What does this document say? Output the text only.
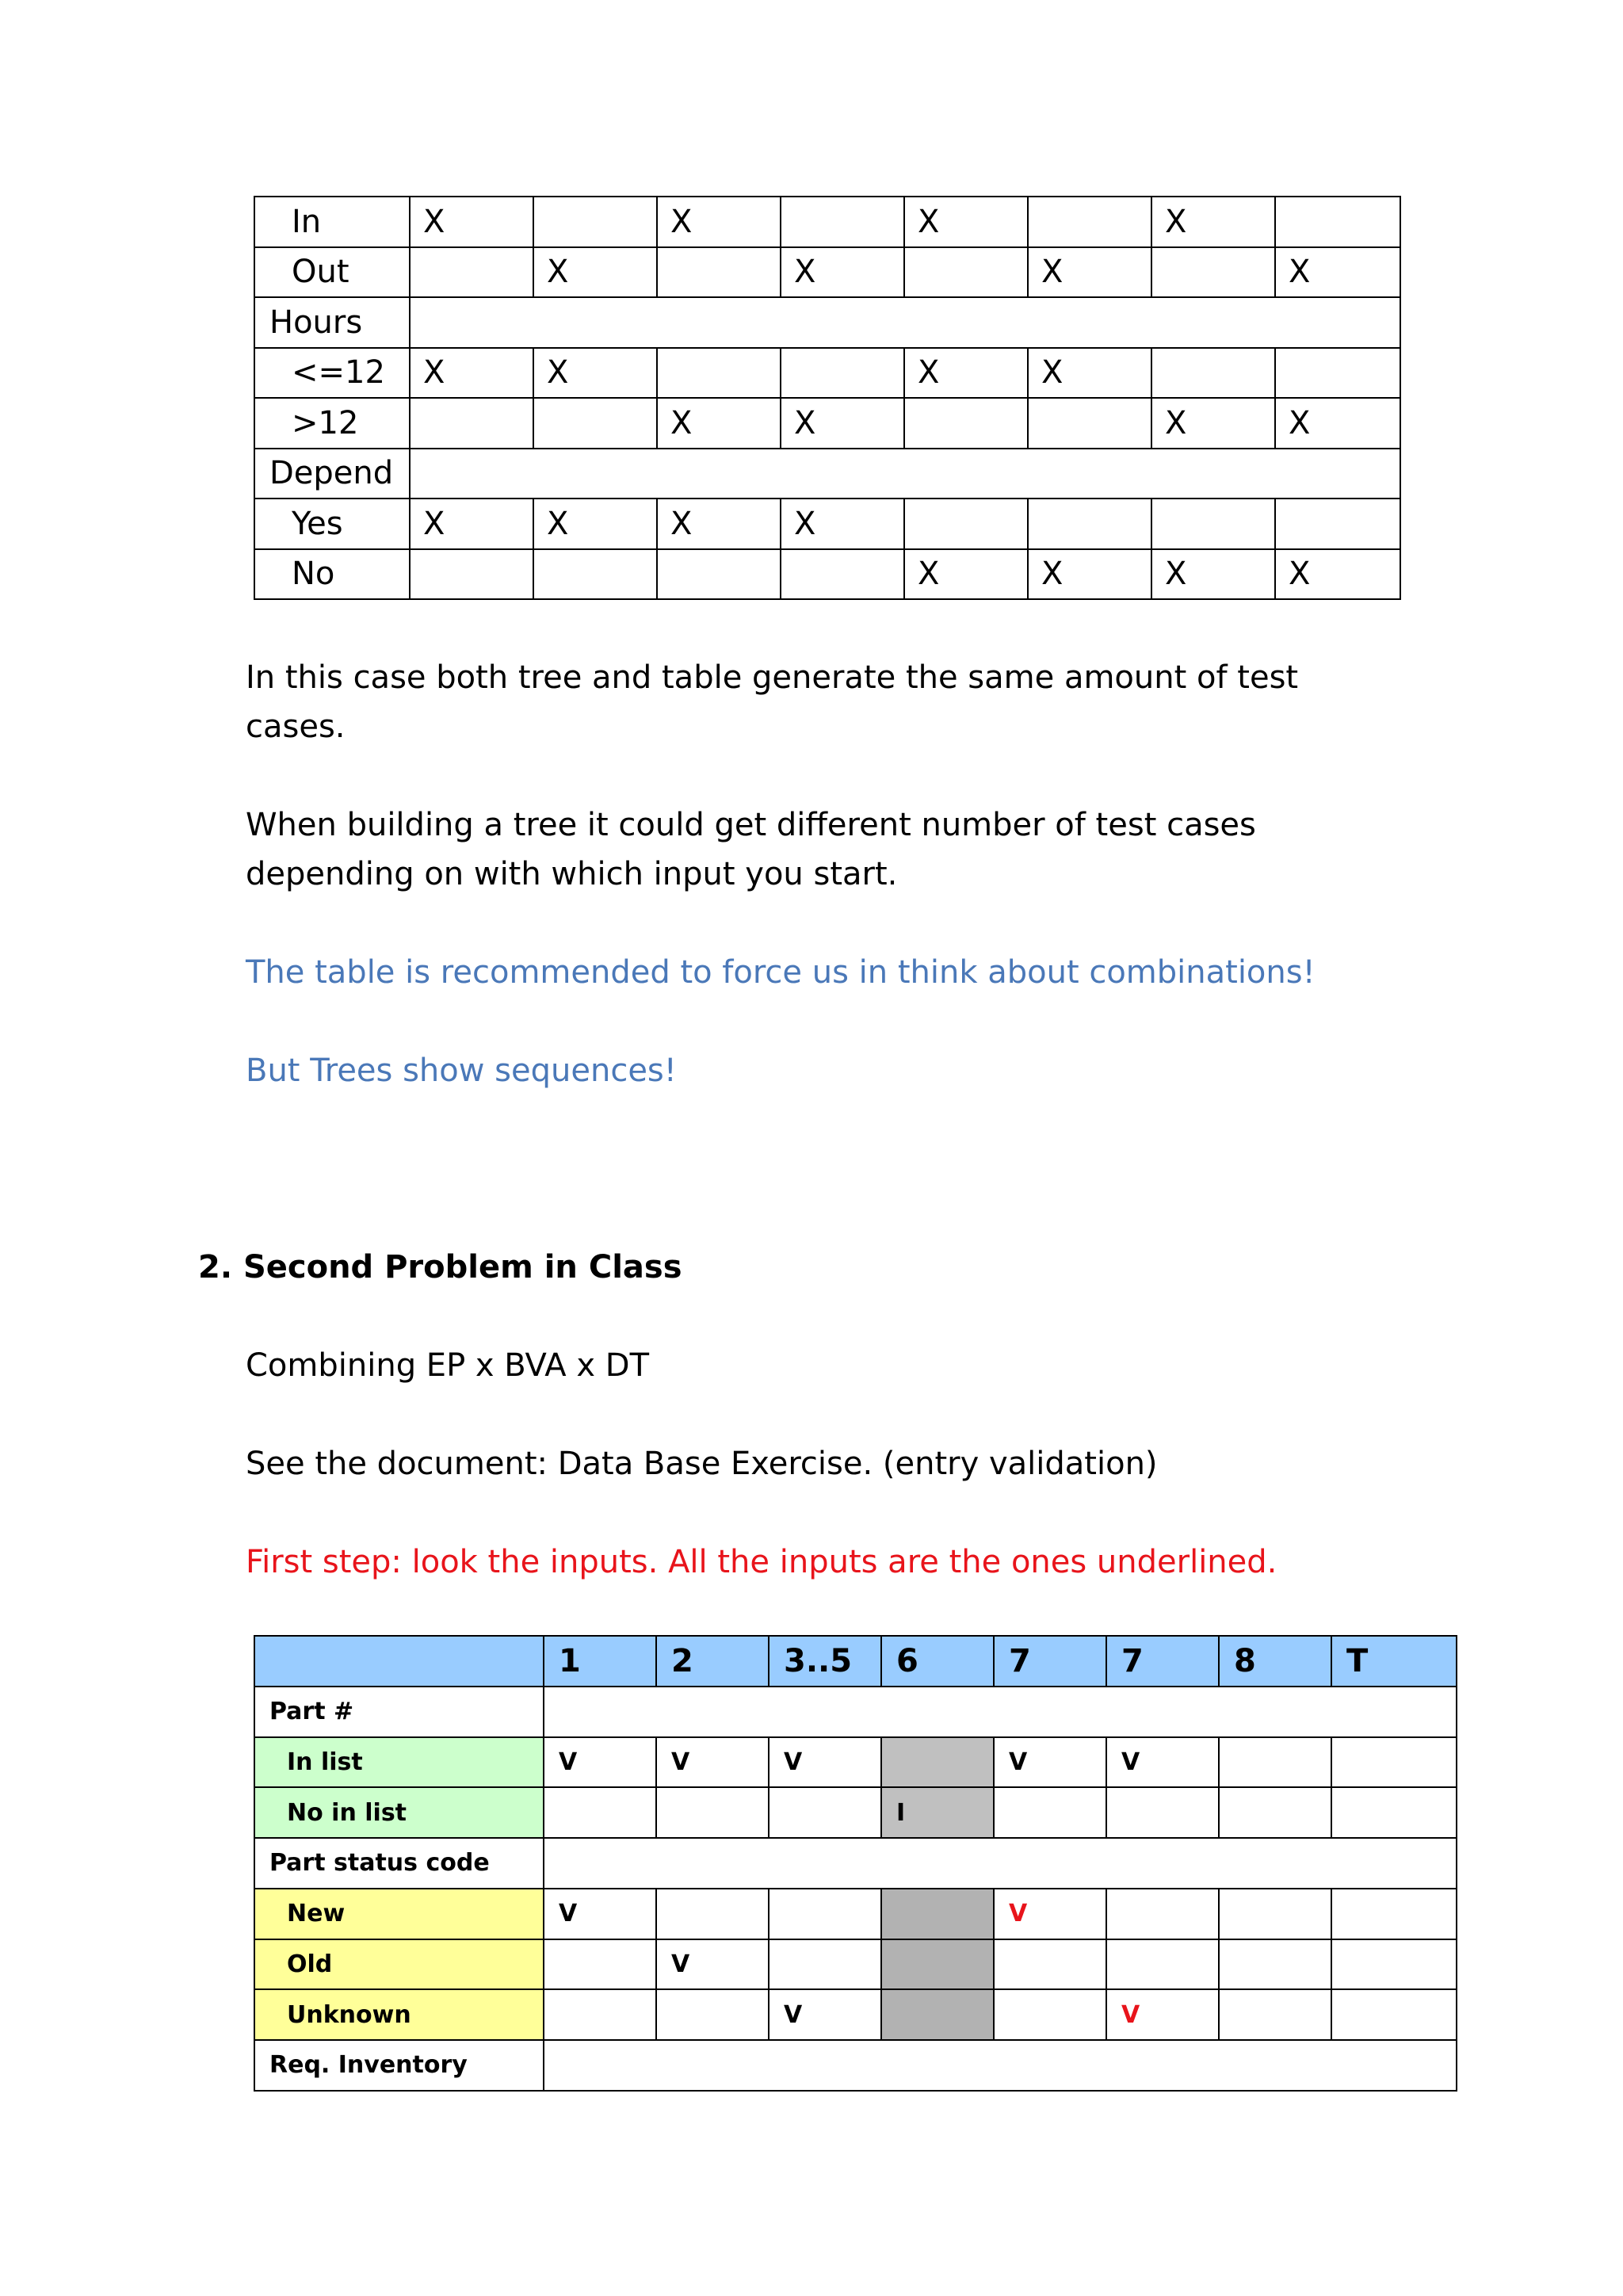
In	X		X		X		X	
Out		X		X		X		X
Hours								
<=12	X	X			X	X		
>12			X	X			X	X
Depend								
Yes	X	X	X	X				
No					X	X	X	X

In this case both tree and table generate the same amount of test cases.

When building a tree it could get different number of test cases depending on with which input you start.

The table is recommended to force us in think about combinations!

But Trees show sequences!

2. Second Problem in Class

Combining EP x BVA x DT

See the document: Data Base Exercise. (entry validation)

First step: look the inputs. All the inputs are the ones underlined.

	1	2	3..5	6	7	7	8	T
Part #								
In list	V	V	V		V	V		
No in list				I				
Part status code								
New	V				V			
Old		V						
Unknown			V			V		
Req. Inventory								
